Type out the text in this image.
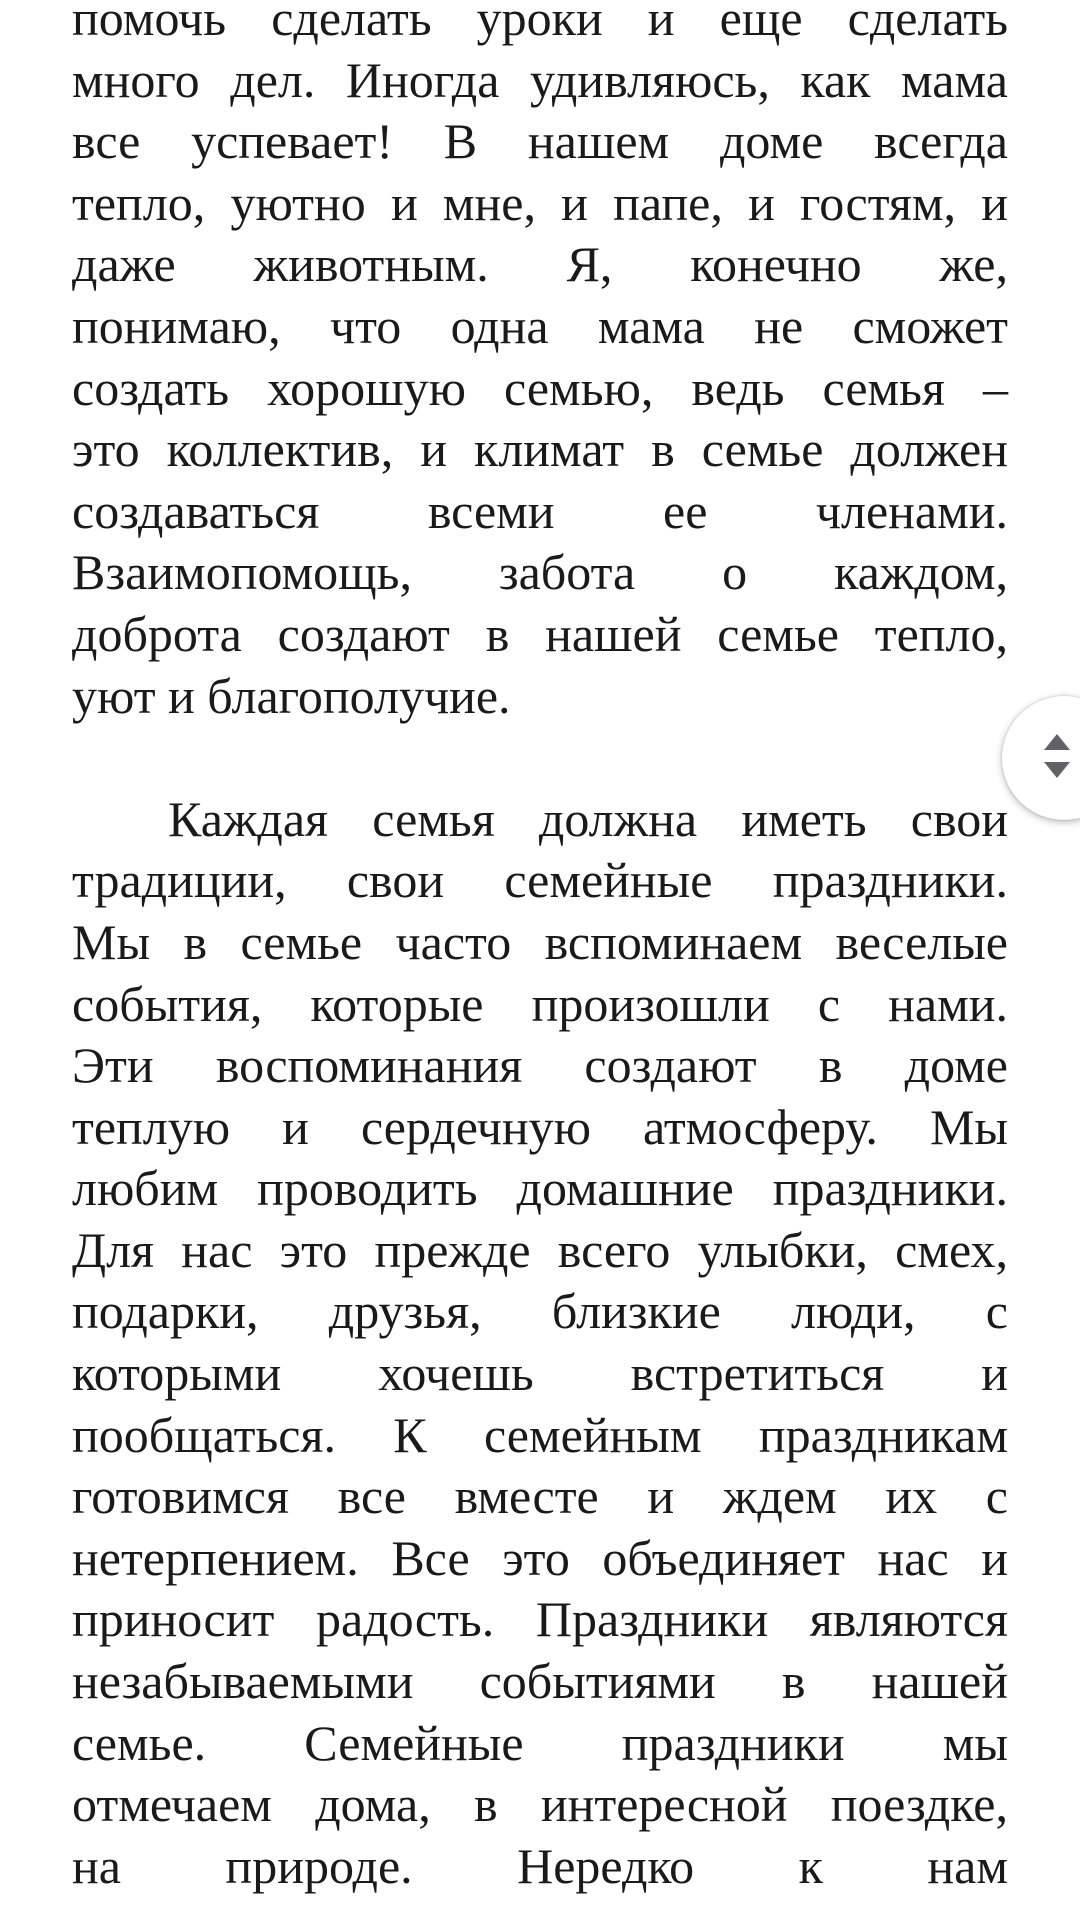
помочь сделать уроки и еще сделать
много дел. Иногда удивляюсь, как мама
все успевает! В нашем доме всегда
тепло, уютно и мне, и папе, и гостям, и
даже животным. Я, конечно же,
понимаю, что одна мама не сможет
создать хорошую семью, ведь семья –
это коллектив, и климат в семье должен
создаваться всеми ее членами.
Взаимопомощь, забота о каждом,
доброта создают в нашей семье тепло,
уют и благополучие.
Каждая семья должна иметь свои
традиции, свои семейные праздники.
Мы в семье часто вспоминаем веселые
события, которые произошли с нами.
Эти воспоминания создают в доме
теплую и сердечную атмосферу. Мы
любим проводить домашние праздники.
Для нас это прежде всего улыбки, смех,
подарки, друзья, близкие люди, с
которыми хочешь встретиться и
пообщаться. К семейным праздникам
готовимся все вместе и ждем их с
нетерпением. Все это объединяет нас и
приносит радость. Праздники являются
незабываемыми событиями в нашей
семье. Семейные праздники мы
отмечаем дома, в интересной поездке,
на природе. Нередко к нам
